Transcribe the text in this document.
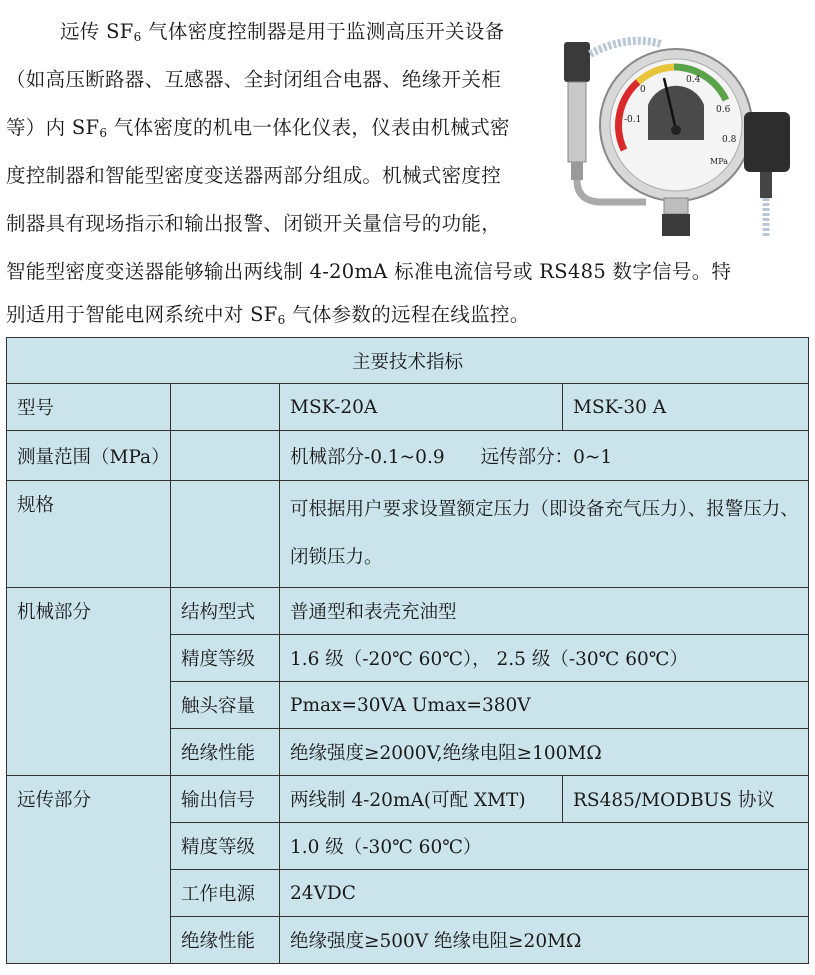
远传 $SF_6$ 气体密度控制器是用于监测高压开关设备
（如高压断路器、互感器、全封闭组合电器、绝缘开关柜
等）内 $SF_6$ 气体密度的机电一体化仪表，仪表由机械式密
度控制器和智能型密度变送器两部分组成。机械式密度控
制器具有现场指示和输出报警、闭锁开关量信号的功能，
智能型密度变送器能够输出两线制 4-20mA 标准电流信号或 RS485 数字信号。特
别适用于智能电网系统中对 $SF_6$ 气体参数的远程在线监控。
-0.1
0
0.4
0.6
0.8
MPa
主要技术指标			
型号		MSK-20A	MSK-30 A
测量范围（MPa）		机械部分-0.1~0.9 远传部分：0~1	
规格		可根据用户要求设置额定压力（即设备充气压力）、报警压力、闭锁压力。	
机械部分	结构型式	普通型和表壳充油型	
	精度等级	1.6 级（-20℃ 60℃）， 2.5 级（-30℃ 60℃）	
	触头容量	Pmax=30VA Umax=380V	
	绝缘性能	绝缘强度≥2000V,绝缘电阻≥100MΩ	
远传部分	输出信号	两线制 4-20mA(可配 XMT)	RS485/MODBUS 协议
	精度等级	1.0 级（-30℃ 60℃）	
	工作电源	24VDC	
	绝缘性能	绝缘强度≥500V 绝缘电阻≥20MΩ	
